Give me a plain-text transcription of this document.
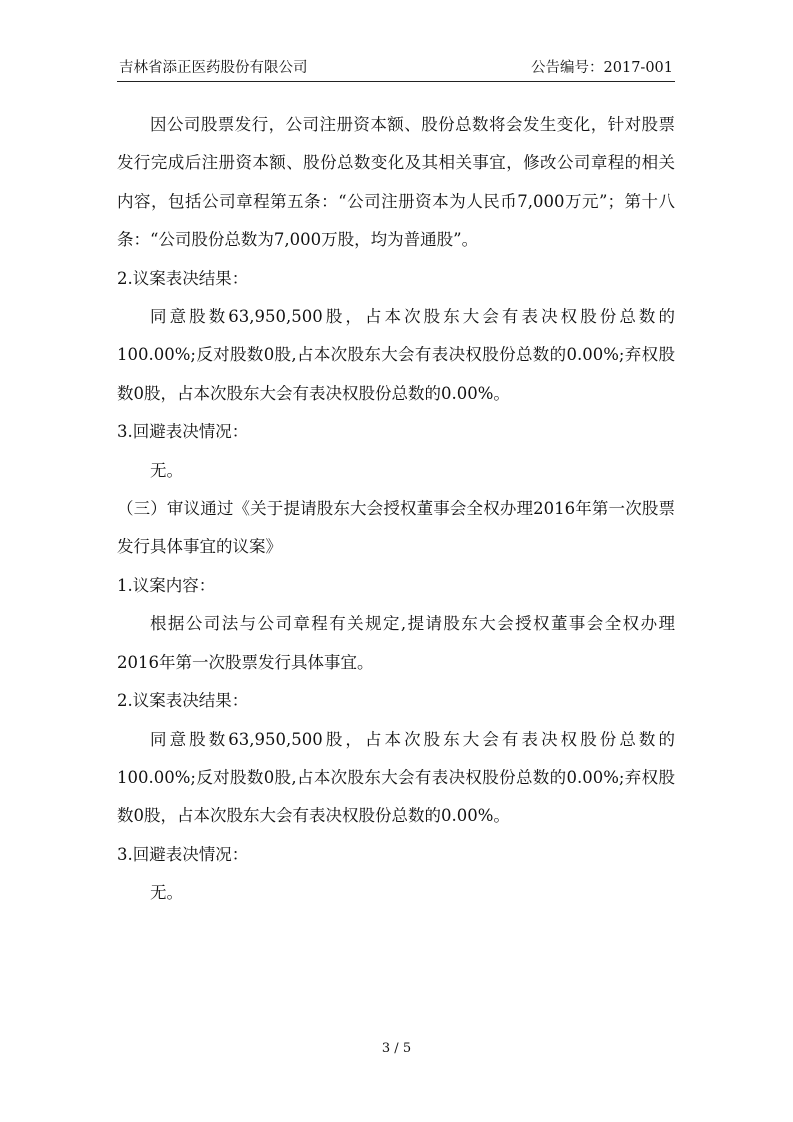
吉林省添正医药股份有限公司	公告编号：2017-001

因公司股票发行，公司注册资本额、股份总数将会发生变化，针对股票发行完成后注册资本额、股份总数变化及其相关事宜，修改公司章程的相关内容，包括公司章程第五条：“公司注册资本为人民币7,000万元”；第十八条：“公司股份总数为7,000万股，均为普通股”。

2.议案表决结果：

同意股数63,950,500股，占本次股东大会有表决权股份总数的100.00%;反对股数0股,占本次股东大会有表决权股份总数的0.00%;弃权股数0股，占本次股东大会有表决权股份总数的0.00%。

3.回避表决情况：

无。

（三）审议通过《关于提请股东大会授权董事会全权办理2016年第一次股票发行具体事宜的议案》

1.议案内容：

根据公司法与公司章程有关规定,提请股东大会授权董事会全权办理2016年第一次股票发行具体事宜。

2.议案表决结果：

同意股数63,950,500股，占本次股东大会有表决权股份总数的100.00%;反对股数0股,占本次股东大会有表决权股份总数的0.00%;弃权股数0股，占本次股东大会有表决权股份总数的0.00%。

3.回避表决情况：

无。

3 / 5
